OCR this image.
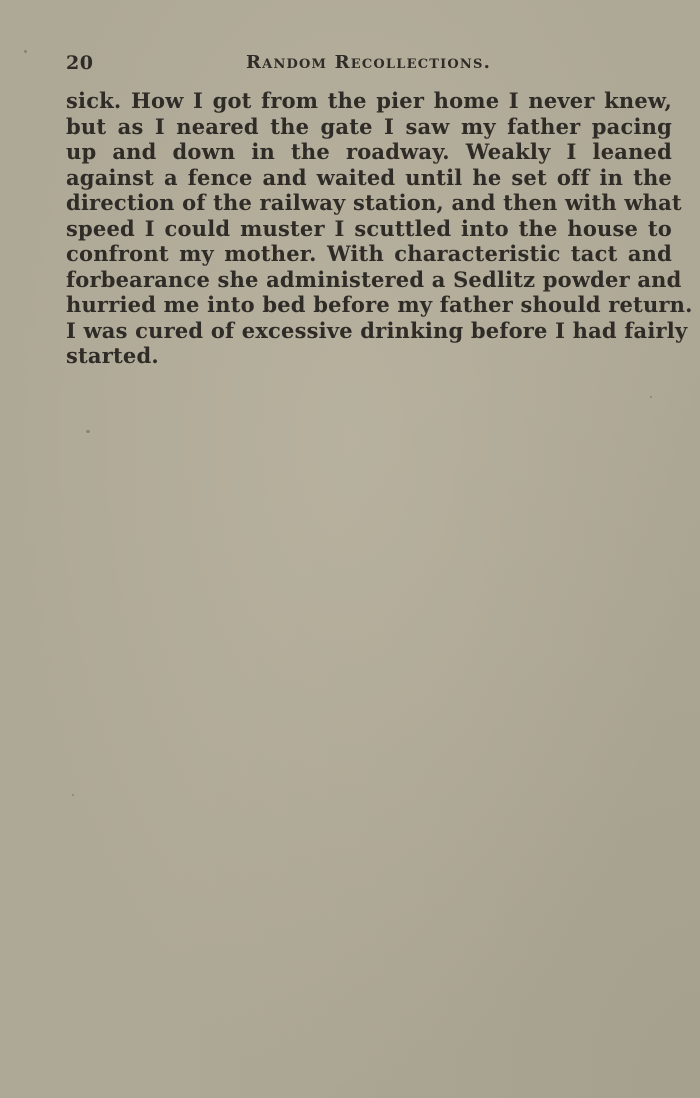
20	Random Recollections.
sick. How I got from the pier home I never knew,
but as I neared the gate I saw my father pacing
up and down in the roadway. Weakly I leaned
against a fence and waited until he set off in the
direction of the railway station, and then with what
speed I could muster I scuttled into the house to
confront my mother. With characteristic tact and
forbearance she administered a Sedlitz powder and
hurried me into bed before my father should return.
I was cured of excessive drinking before I had fairly
started.
